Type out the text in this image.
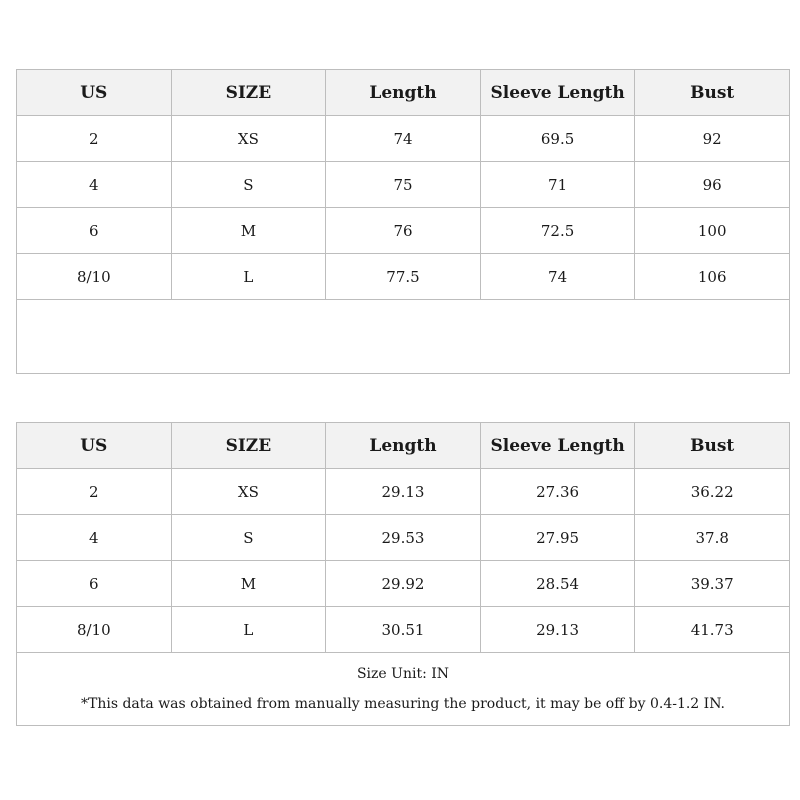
US	SIZE	Length	Sleeve Length	Bust
2	XS	74	69.5	92
4	S	75	71	96
6	M	76	72.5	100
8/10	L	77.5	74	106

US	SIZE	Length	Sleeve Length	Bust
2	XS	29.13	27.36	36.22
4	S	29.53	27.95	37.8
6	M	29.92	28.54	39.37
8/10	L	30.51	29.13	41.73

Size Unit: IN
*This data was obtained from manually measuring the product, it may be off by 0.4-1.2 IN.				
